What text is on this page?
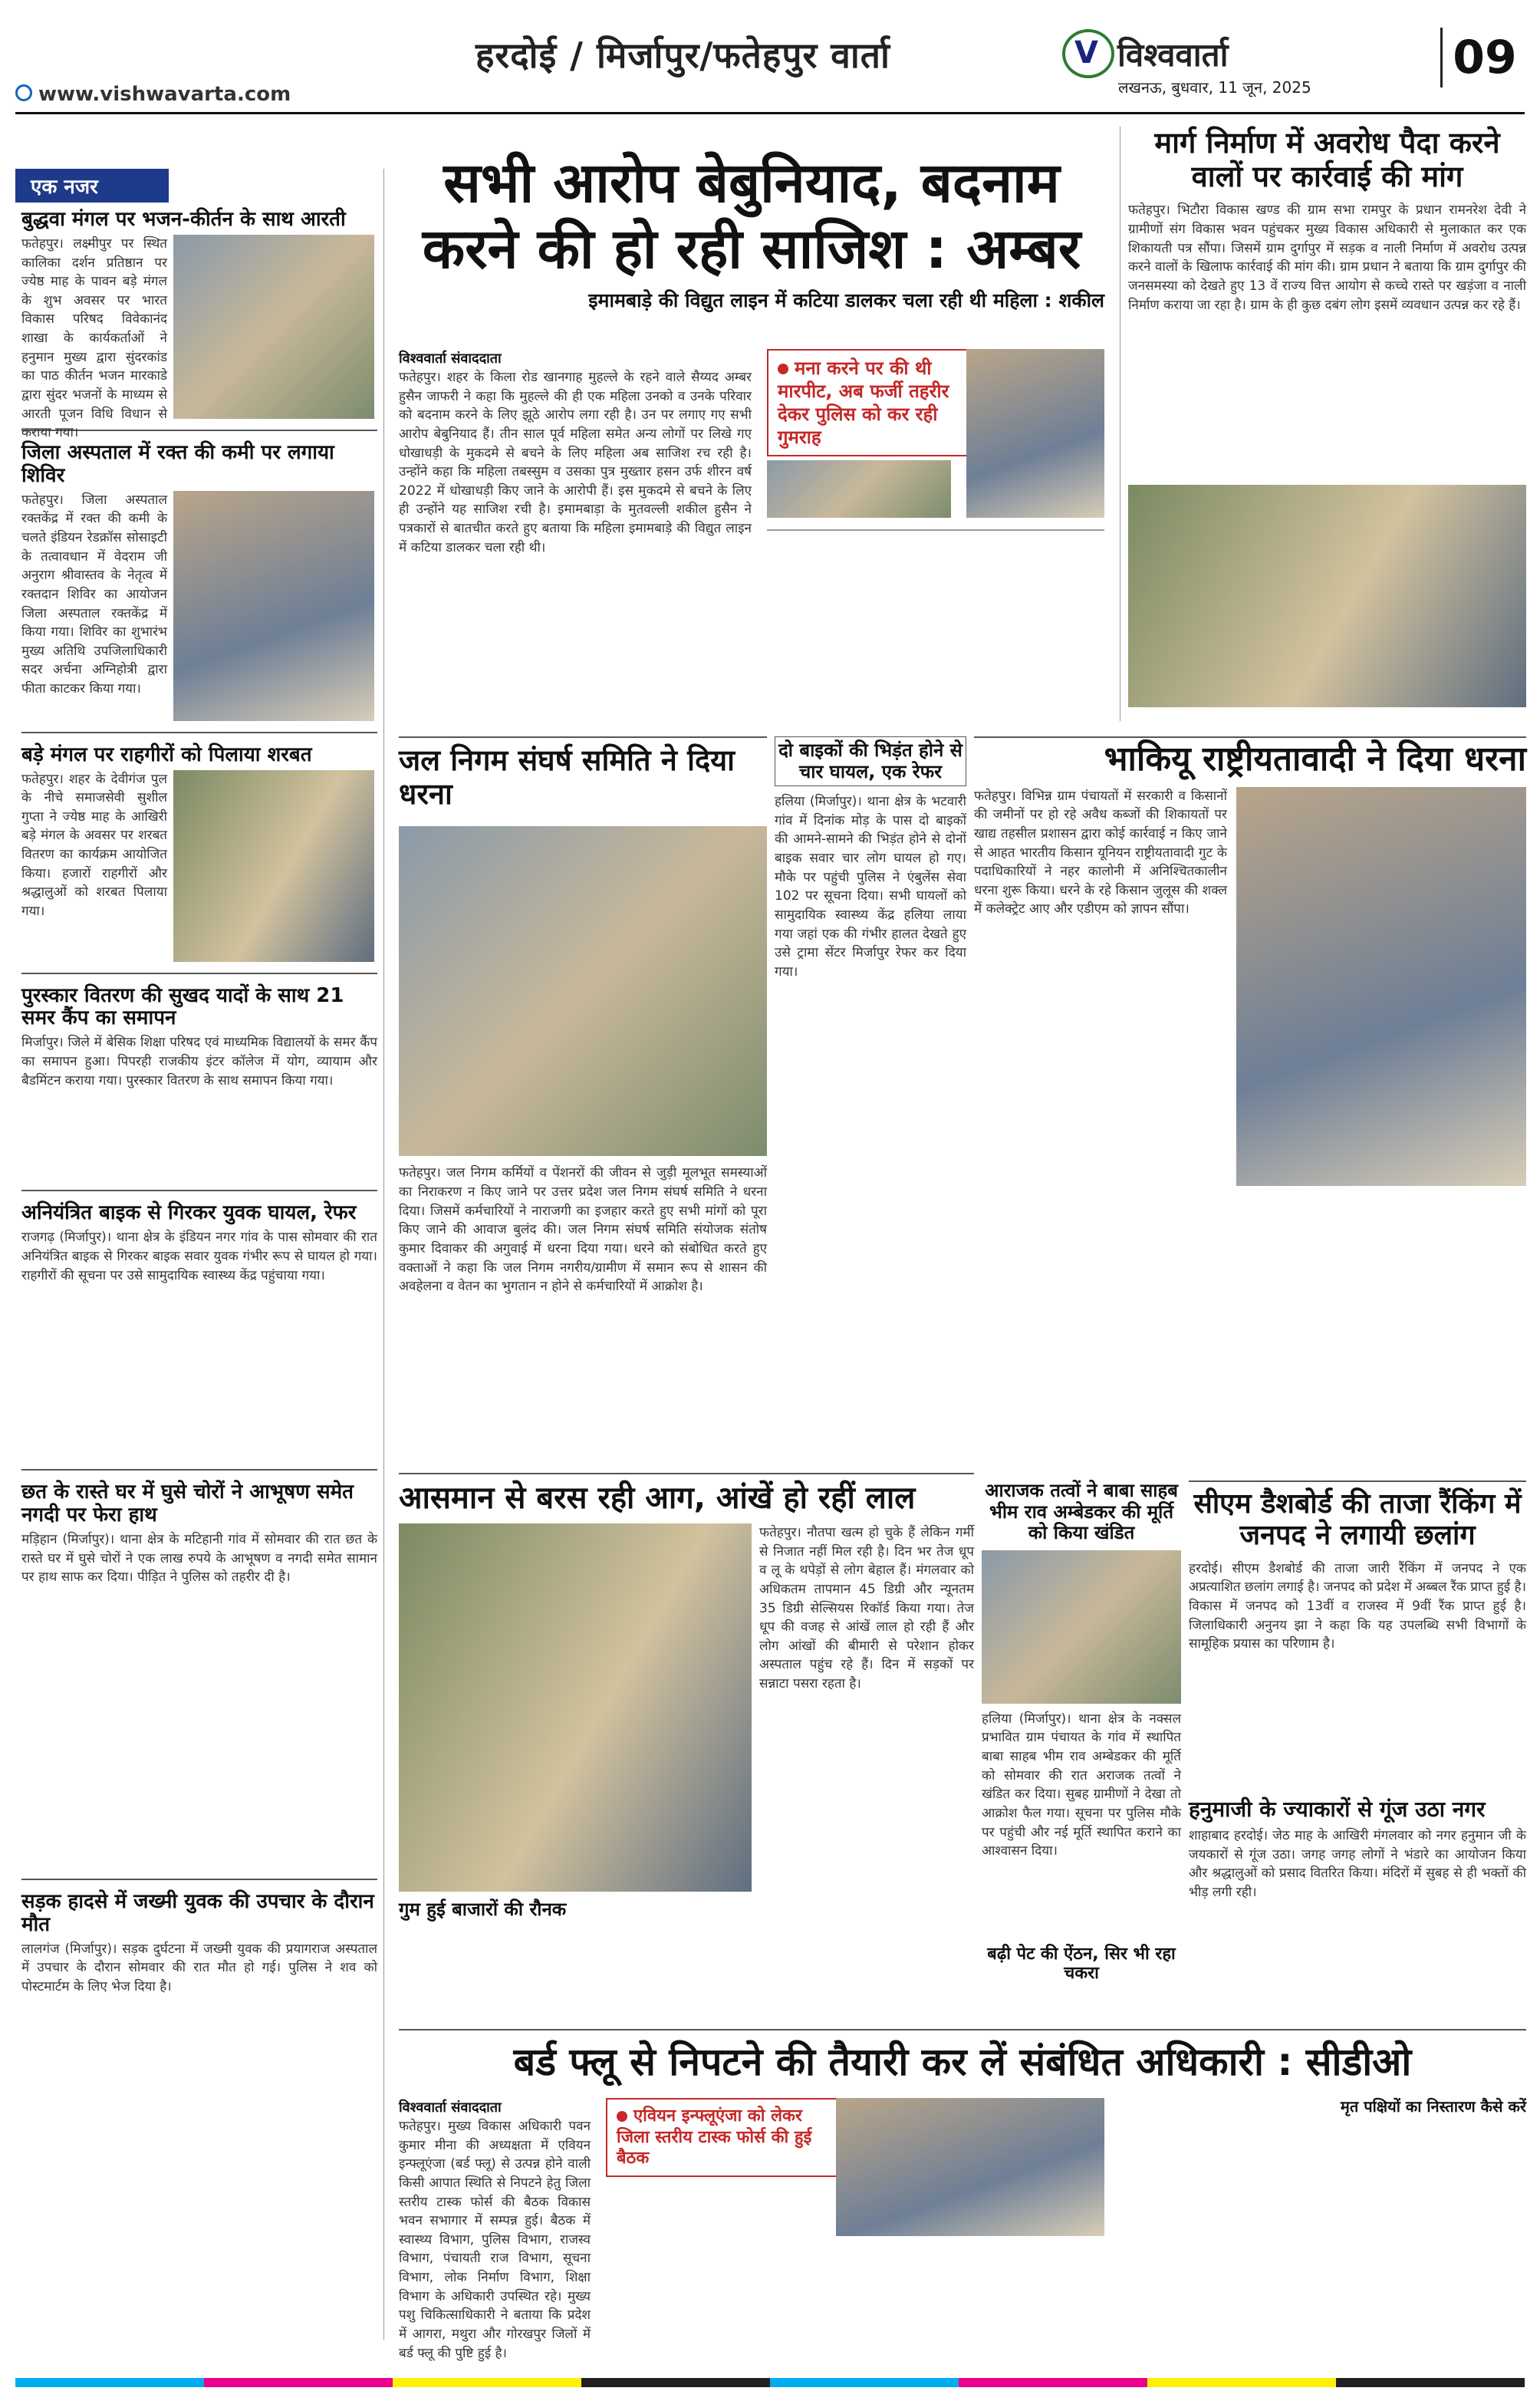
www.vishwavarta.com
हरदोई / मिर्जापुर/फतेहपुर वार्ता	V विश्ववार्ता
लखनऊ, बुधवार, 11 जून, 2025
09
एक नजर
बुद्धवा मंगल पर भजन-कीर्तन के साथ आरती
फतेहपुर। लक्ष्मीपुर पर स्थित कालिका दर्शन प्रतिष्ठान पर ज्येष्ठ माह के पावन बड़े मंगल के शुभ अवसर पर भारत विकास परिषद विवेकानंद शाखा के कार्यकर्ताओं ने हनुमान मुख्य द्वारा सुंदरकांड का पाठ कीर्तन भजन मारकाडे द्वारा सुंदर भजनों के माध्यम से आरती पूजन विधि विधान से कराया गया।
जिला अस्पताल में रक्त की कमी पर लगाया शिविर
फतेहपुर। जिला अस्पताल रक्तकेंद्र में रक्त की कमी के चलते इंडियन रेडक्रॉस सोसाइटी के तत्वावधान में वेदराम जी अनुराग श्रीवास्तव के नेतृत्व में रक्तदान शिविर का आयोजन जिला अस्पताल रक्तकेंद्र में किया गया। शिविर का शुभारंभ मुख्य अतिथि उपजिलाधिकारी सदर अर्चना अग्निहोत्री द्वारा फीता काटकर किया गया।
बड़े मंगल पर राहगीरों को पिलाया शरबत
फतेहपुर। शहर के देवीगंज पुल के नीचे समाजसेवी सुशील गुप्ता ने ज्येष्ठ माह के आखिरी बड़े मंगल के अवसर पर शरबत वितरण का कार्यक्रम आयोजित किया। हजारों राहगीरों और श्रद्धालुओं को शरबत पिलाया गया।
पुरस्कार वितरण की सुखद यादों के साथ 21 समर कैंप का समापन
मिर्जापुर। जिले में बेसिक शिक्षा परिषद एवं माध्यमिक विद्यालयों के समर कैंप का समापन हुआ। पिपरही राजकीय इंटर कॉलेज में योग, व्यायाम और बैडमिंटन कराया गया। पुरस्कार वितरण के साथ समापन किया गया।
अनियंत्रित बाइक से गिरकर युवक घायल, रेफर
राजगढ़ (मिर्जापुर)। थाना क्षेत्र के इंडियन नगर गांव के पास सोमवार की रात अनियंत्रित बाइक से गिरकर बाइक सवार युवक गंभीर रूप से घायल हो गया। राहगीरों की सूचना पर उसे सामुदायिक स्वास्थ्य केंद्र पहुंचाया गया।
छत के रास्ते घर में घुसे चोरों ने आभूषण समेत नगदी पर फेरा हाथ
मड़िहान (मिर्जापुर)। थाना क्षेत्र के मटिहानी गांव में सोमवार की रात छत के रास्ते घर में घुसे चोरों ने एक लाख रुपये के आभूषण व नगदी समेत सामान पर हाथ साफ कर दिया। पीड़ित ने पुलिस को तहरीर दी है।
सड़क हादसे में जख्मी युवक की उपचार के दौरान मौत
लालगंज (मिर्जापुर)। सड़क दुर्घटना में जख्मी युवक की प्रयागराज अस्पताल में उपचार के दौरान सोमवार की रात मौत हो गई। पुलिस ने शव को पोस्टमार्टम के लिए भेज दिया है।
सभी आरोप बेबुनियाद, बदनाम करने की हो रही साजिश : अम्बर
इमामबाड़े की विद्युत लाइन में कटिया डालकर चला रही थी महिला : शकील
विश्ववार्ता संवाददाता
फतेहपुर। शहर के किला रोड खानगाह मुहल्ले के रहने वाले सैय्यद अम्बर हुसैन जाफरी ने कहा कि मुहल्ले की ही एक महिला उनको व उनके परिवार को बदनाम करने के लिए झूठे आरोप लगा रही है। उन पर लगाए गए सभी आरोप बेबुनियाद हैं। तीन साल पूर्व महिला समेत अन्य लोगों पर लिखे गए धोखाधड़ी के मुकदमे से बचने के लिए महिला अब साजिश रच रही है। उन्होंने कहा कि महिला तबस्सुम व उसका पुत्र मुख्तार हसन उर्फ शीरन वर्ष 2022 में धोखाधड़ी किए जाने के आरोपी हैं। इस मुकदमे से बचने के लिए ही उन्होंने यह साजिश रची है। इमामबाड़ा के मुतवल्ली शकील हुसैन ने पत्रकारों से बातचीत करते हुए बताया कि महिला इमामबाड़े की विद्युत लाइन में कटिया डालकर चला रही थी।
मना करने पर की थी मारपीट, अब फर्जी तहरीर देकर पुलिस को कर रही गुमराह
मार्ग निर्माण में अवरोध पैदा करने वालों पर कार्रवाई की मांग
फतेहपुर। भिटौरा विकास खण्ड की ग्राम सभा रामपुर के प्रधान रामनरेश देवी ने ग्रामीणों संग विकास भवन पहुंचकर मुख्य विकास अधिकारी से मुलाकात कर एक शिकायती पत्र सौंपा। जिसमें ग्राम दुर्गापुर में सड़क व नाली निर्माण में अवरोध उत्पन्न करने वालों के खिलाफ कार्रवाई की मांग की। ग्राम प्रधान ने बताया कि ग्राम दुर्गापुर की जनसमस्या को देखते हुए 13 वें राज्य वित्त आयोग से कच्चे रास्ते पर खड़ंजा व नाली निर्माण कराया जा रहा है। ग्राम के ही कुछ दबंग लोग इसमें व्यवधान उत्पन्न कर रहे हैं।
जल निगम संघर्ष समिति ने दिया धरना
फतेहपुर। जल निगम कर्मियों व पेंशनरों की जीवन से जुड़ी मूलभूत समस्याओं का निराकरण न किए जाने पर उत्तर प्रदेश जल निगम संघर्ष समिति ने धरना दिया। जिसमें कर्मचारियों ने नाराजगी का इजहार करते हुए सभी मांगों को पूरा किए जाने की आवाज बुलंद की। जल निगम संघर्ष समिति संयोजक संतोष कुमार दिवाकर की अगुवाई में धरना दिया गया। धरने को संबोधित करते हुए वक्ताओं ने कहा कि जल निगम नगरीय/ग्रामीण में समान रूप से शासन की अवहेलना व वेतन का भुगतान न होने से कर्मचारियों में आक्रोश है।
दो बाइकों की भिड़ंत होने से चार घायल, एक रेफर
हलिया (मिर्जापुर)। थाना क्षेत्र के भटवारी गांव में दिनांक मोड़ के पास दो बाइकों की आमने-सामने की भिड़ंत होने से दोनों बाइक सवार चार लोग घायल हो गए। मौके पर पहुंची पुलिस ने एंबुलेंस सेवा 102 पर सूचना दिया। सभी घायलों को सामुदायिक स्वास्थ्य केंद्र हलिया लाया गया जहां एक की गंभीर हालत देखते हुए उसे ट्रामा सेंटर मिर्जापुर रेफर कर दिया गया।
भाकियू राष्ट्रीयतावादी ने दिया धरना
फतेहपुर। विभिन्न ग्राम पंचायतों में सरकारी व किसानों की जमीनों पर हो रहे अवैध कब्जों की शिकायतों पर खाद्य तहसील प्रशासन द्वारा कोई कार्रवाई न किए जाने से आहत भारतीय किसान यूनियन राष्ट्रीयतावादी गुट के पदाधिकारियों ने नहर कालोनी में अनिश्चितकालीन धरना शुरू किया। धरने के रहे किसान जुलूस की शक्ल में कलेक्ट्रेट आए और एडीएम को ज्ञापन सौंपा।
आसमान से बरस रही आग, आंखें हो रहीं लाल
फतेहपुर। नौतपा खत्म हो चुके हैं लेकिन गर्मी से निजात नहीं मिल रही है। दिन भर तेज धूप व लू के थपेड़ों से लोग बेहाल हैं। मंगलवार को अधिकतम तापमान 45 डिग्री और न्यूनतम 35 डिग्री सेल्सियस रिकॉर्ड किया गया। तेज धूप की वजह से आंखें लाल हो रही हैं और लोग आंखों की बीमारी से परेशान होकर अस्पताल पहुंच रहे हैं। दिन में सड़कों पर सन्नाटा पसरा रहता है।
गुम हुई बाजारों की रौनक
आराजक तत्वों ने बाबा साहब भीम राव अम्बेडकर की मूर्ति को किया खंडित
हलिया (मिर्जापुर)। थाना क्षेत्र के नक्सल प्रभावित ग्राम पंचायत के गांव में स्थापित बाबा साहब भीम राव अम्बेडकर की मूर्ति को सोमवार की रात अराजक तत्वों ने खंडित कर दिया। सुबह ग्रामीणों ने देखा तो आक्रोश फैल गया। सूचना पर पुलिस मौके पर पहुंची और नई मूर्ति स्थापित कराने का आश्वासन दिया।
बढ़ी पेट की ऐंठन, सिर भी रहा चकरा
सीएम डैशबोर्ड की ताजा रैंकिंग में जनपद ने लगायी छलांग
हरदोई। सीएम डैशबोर्ड की ताजा जारी रैंकिंग में जनपद ने एक अप्रत्याशित छलांग लगाई है। जनपद को प्रदेश में अब्बल रैंक प्राप्त हुई है। विकास में जनपद को 13वीं व राजस्व में 9वीं रैंक प्राप्त हुई है। जिलाधिकारी अनुनय झा ने कहा कि यह उपलब्धि सभी विभागों के सामूहिक प्रयास का परिणाम है।
हनुमाजी के ज्याकारों से गूंज उठा नगर
शाहाबाद हरदोई। जेठ माह के आखिरी मंगलवार को नगर हनुमान जी के जयकारों से गूंज उठा। जगह जगह लोगों ने भंडारे का आयोजन किया और श्रद्धालुओं को प्रसाद वितरित किया। मंदिरों में सुबह से ही भक्तों की भीड़ लगी रही।
बर्ड फ्लू से निपटने की तैयारी कर लें संबंधित अधिकारी : सीडीओ
विश्ववार्ता संवाददाता
फतेहपुर। मुख्य विकास अधिकारी पवन कुमार मीना की अध्यक्षता में एवियन इन्फ्लूएंजा (बर्ड फ्लू) से उत्पन्न होने वाली किसी आपात स्थिति से निपटने हेतु जिला स्तरीय टास्क फोर्स की बैठक विकास भवन सभागार में सम्पन्न हुई। बैठक में स्वास्थ्य विभाग, पुलिस विभाग, राजस्व विभाग, पंचायती राज विभाग, सूचना विभाग, लोक निर्माण विभाग, शिक्षा विभाग के अधिकारी उपस्थित रहे। मुख्य पशु चिकित्साधिकारी ने बताया कि प्रदेश में आगरा, मथुरा और गोरखपुर जिलों में बर्ड फ्लू की पुष्टि हुई है।
एवियन इन्फ्लूएंजा को लेकर जिला स्तरीय टास्क फोर्स की हुई बैठक
मृत पक्षियों का निस्तारण कैसे करें
